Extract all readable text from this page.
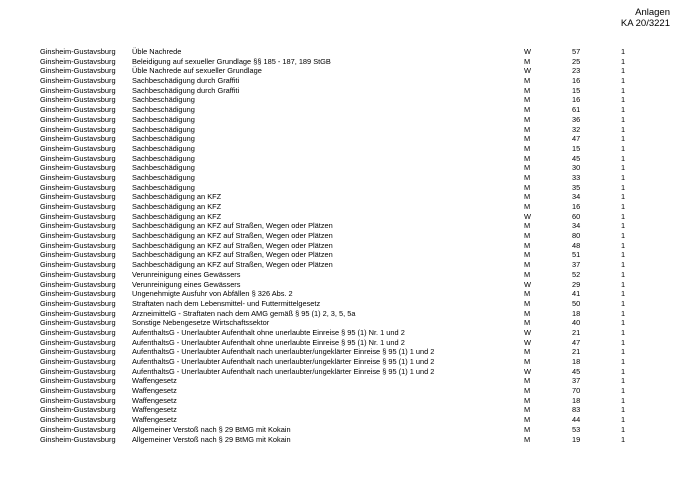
Anlagen
KA 20/3221
Ginsheim-Gustavsburg Üble Nachrede	W	57	1
Ginsheim-Gustavsburg Beleidigung auf sexueller Grundlage §§ 185 - 187, 189 StGB	M	25	1
Ginsheim-Gustavsburg Üble Nachrede auf sexueller Grundlage	W	23	1
Ginsheim-Gustavsburg Sachbeschädigung durch Graffiti	M	16	1
Ginsheim-Gustavsburg Sachbeschädigung durch Graffiti	M	15	1
Ginsheim-Gustavsburg Sachbeschädigung	M	16	1
Ginsheim-Gustavsburg Sachbeschädigung	M	61	1
Ginsheim-Gustavsburg Sachbeschädigung	M	36	1
Ginsheim-Gustavsburg Sachbeschädigung	M	32	1
Ginsheim-Gustavsburg Sachbeschädigung	M	47	1
Ginsheim-Gustavsburg Sachbeschädigung	M	15	1
Ginsheim-Gustavsburg Sachbeschädigung	M	45	1
Ginsheim-Gustavsburg Sachbeschädigung	M	30	1
Ginsheim-Gustavsburg Sachbeschädigung	M	33	1
Ginsheim-Gustavsburg Sachbeschädigung	M	35	1
Ginsheim-Gustavsburg Sachbeschädigung an KFZ	M	34	1
Ginsheim-Gustavsburg Sachbeschädigung an KFZ	M	16	1
Ginsheim-Gustavsburg Sachbeschädigung an KFZ	W	60	1
Ginsheim-Gustavsburg Sachbeschädigung an KFZ auf Straßen, Wegen oder Plätzen	M	34	1
Ginsheim-Gustavsburg Sachbeschädigung an KFZ auf Straßen, Wegen oder Plätzen	M	80	1
Ginsheim-Gustavsburg Sachbeschädigung an KFZ auf Straßen, Wegen oder Plätzen	M	48	1
Ginsheim-Gustavsburg Sachbeschädigung an KFZ auf Straßen, Wegen oder Plätzen	M	51	1
Ginsheim-Gustavsburg Sachbeschädigung an KFZ auf Straßen, Wegen oder Plätzen	M	37	1
Ginsheim-Gustavsburg Verunreinigung eines Gewässers	M	52	1
Ginsheim-Gustavsburg Verunreinigung eines Gewässers	W	29	1
Ginsheim-Gustavsburg Ungenehmigte Ausfuhr von Abfällen § 326 Abs. 2	M	41	1
Ginsheim-Gustavsburg Straftaten nach dem Lebensmittel- und Futtermittelgesetz	M	50	1
Ginsheim-Gustavsburg ArzneimittelG - Straftaten nach dem AMG gemäß § 95 (1) 2, 3, 5, 5a	M	18	1
Ginsheim-Gustavsburg Sonstige Nebengesetze Wirtschaftssektor	M	40	1
Ginsheim-Gustavsburg AufenthaltsG - Unerlaubter Aufenthalt ohne unerlaubte Einreise § 95 (1) Nr. 1 und 2	W	21	1
Ginsheim-Gustavsburg AufenthaltsG - Unerlaubter Aufenthalt ohne unerlaubte Einreise § 95 (1) Nr. 1 und 2	W	47	1
Ginsheim-Gustavsburg AufenthaltsG - Unerlaubter Aufenthalt nach unerlaubter/ungeklärter Einreise § 95 (1) 1 und 2	M	21	1
Ginsheim-Gustavsburg AufenthaltsG - Unerlaubter Aufenthalt nach unerlaubter/ungeklärter Einreise § 95 (1) 1 und 2	M	18	1
Ginsheim-Gustavsburg AufenthaltsG - Unerlaubter Aufenthalt nach unerlaubter/ungeklärter Einreise § 95 (1) 1 und 2	W	45	1
Ginsheim-Gustavsburg Waffengesetz	M	37	1
Ginsheim-Gustavsburg Waffengesetz	M	70	1
Ginsheim-Gustavsburg Waffengesetz	M	18	1
Ginsheim-Gustavsburg Waffengesetz	M	83	1
Ginsheim-Gustavsburg Waffengesetz	M	44	1
Ginsheim-Gustavsburg Allgemeiner Verstoß nach § 29 BtMG mit Kokain	M	53	1
Ginsheim-Gustavsburg Allgemeiner Verstoß nach § 29 BtMG mit Kokain	M	19	1
